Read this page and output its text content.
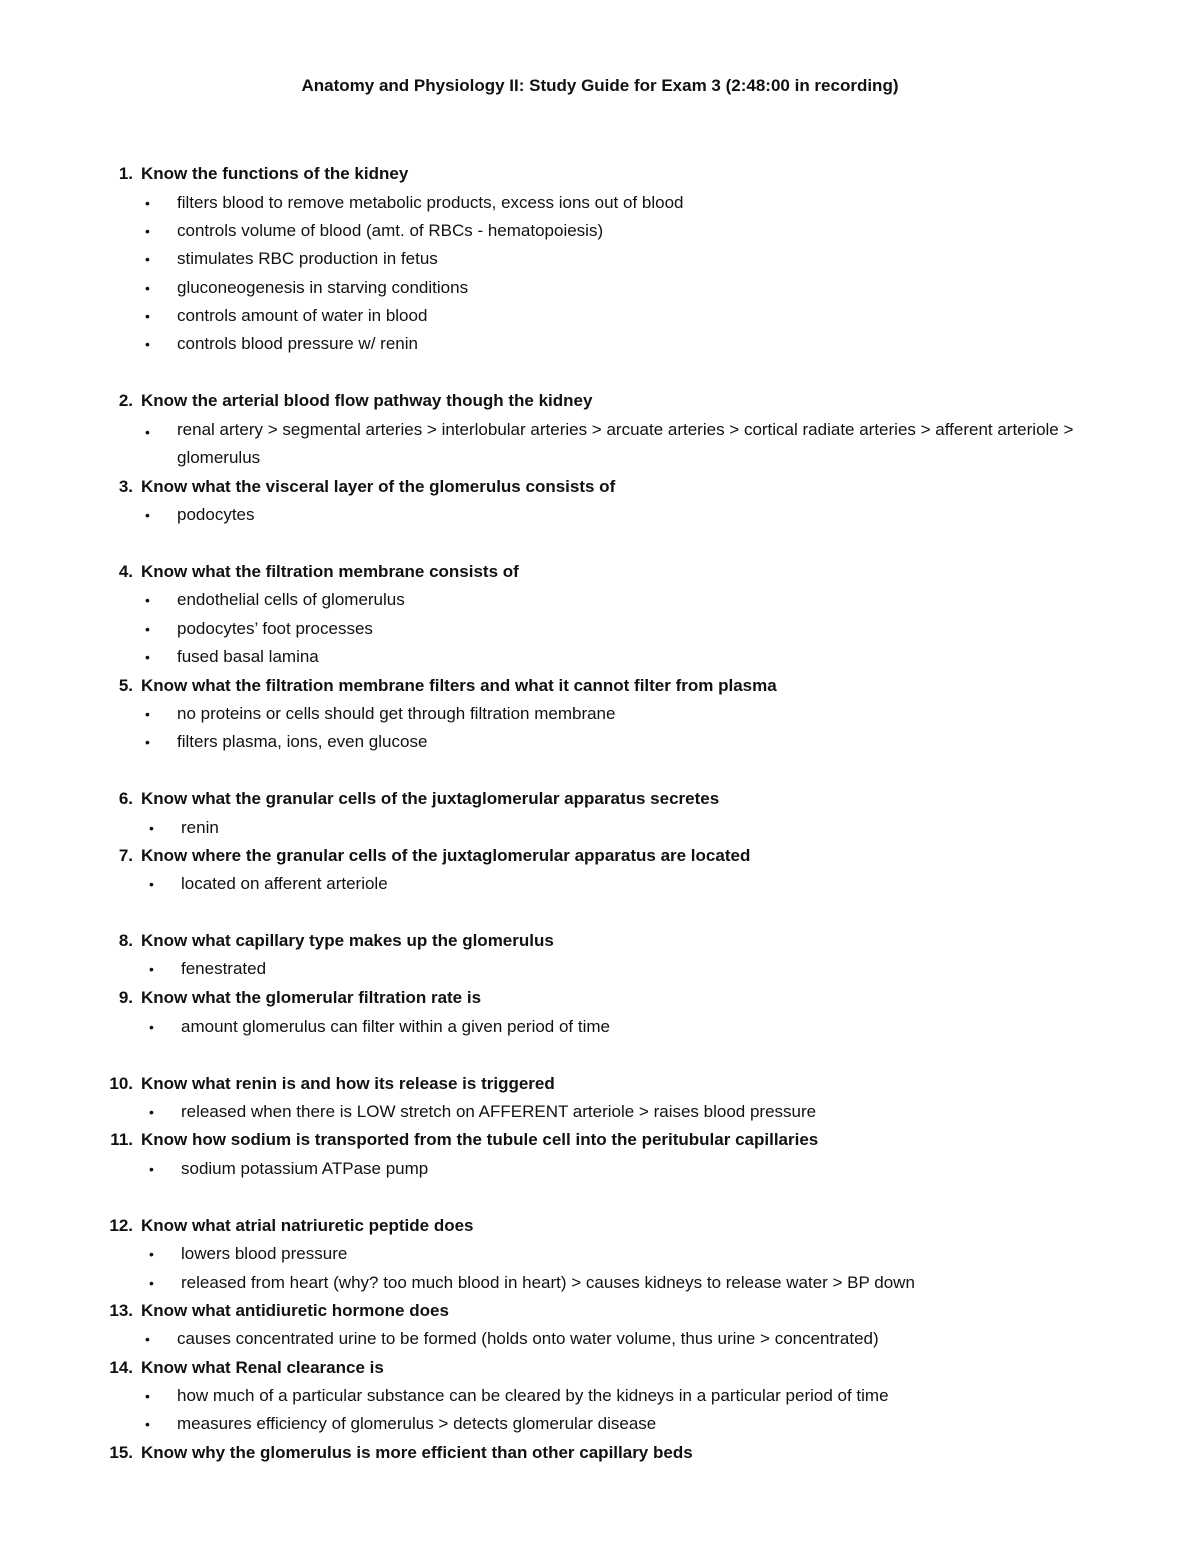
Anatomy and Physiology II: Study Guide for Exam 3 (2:48:00 in recording)
1. Know the functions of the kidney
• filters blood to remove metabolic products, excess ions out of blood
• controls volume of blood (amt. of RBCs - hematopoiesis)
• stimulates RBC production in fetus
• gluconeogenesis in starving conditions
• controls amount of water in blood
• controls blood pressure w/ renin
2. Know the arterial blood flow pathway though the kidney
• renal artery > segmental arteries > interlobular arteries > arcuate arteries > cortical radiate arteries > afferent arteriole > glomerulus
3. Know what the visceral layer of the glomerulus consists of
• podocytes
4. Know what the filtration membrane consists of
• endothelial cells of glomerulus
• podocytes’ foot processes
• fused basal lamina
5. Know what the filtration membrane filters and what it cannot filter from plasma
• no proteins or cells should get through filtration membrane
• filters plasma, ions, even glucose
6. Know what the granular cells of the juxtaglomerular apparatus secretes
• renin
7. Know where the granular cells of the juxtaglomerular apparatus are located
• located on afferent arteriole
8. Know what capillary type makes up the glomerulus
• fenestrated
9. Know what the glomerular filtration rate is
• amount glomerulus can filter within a given period of time
10. Know what renin is and how its release is triggered
• released when there is LOW stretch on AFFERENT arteriole > raises blood pressure
11. Know how sodium is transported from the tubule cell into the peritubular capillaries
• sodium potassium ATPase pump
12. Know what atrial natriuretic peptide does
• lowers blood pressure
• released from heart (why? too much blood in heart) > causes kidneys to release water > BP down
13. Know what antidiuretic hormone does
• causes concentrated urine to be formed (holds onto water volume, thus urine > concentrated)
14. Know what Renal clearance is
• how much of a particular substance can be cleared by the kidneys in a particular period of time
• measures efficiency of glomerulus > detects glomerular disease
15. Know why the glomerulus is more efficient than other capillary beds
